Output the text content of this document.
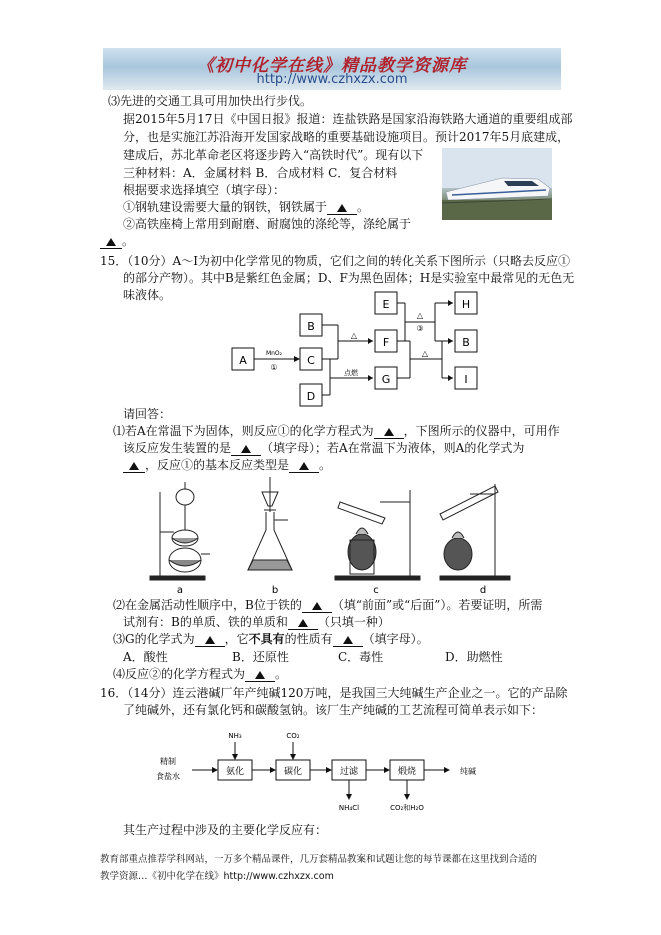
《初中化学在线》精品教学资源库
http://www.czhxzx.com
⑶先进的交通工具可用加快出行步伐。
据2015年5月17日《中国日报》报道：连盐铁路是国家沿海铁路大通道的重要组成部
分，也是实施江苏沿海开发国家战略的重要基础设施项目。预计2017年5月底建成，
建成后，苏北革命老区将逐步跨入“高铁时代”。现有以下
三种材料：A．金属材料 B．合成材料 C．复合材料
根据要求选择填空（填字母）：
①钢轨建设需要大量的钢铁，钢铁属于	。
②高铁座椅上常用到耐磨、耐腐蚀的涤纶等，涤纶属于
。
15．（10分）A～I为初中化学常见的物质，它们之间的转化关系下图所示（只略去反应①
的部分产物）。其中B是紫红色金属；D、F为黑色固体；H是实验室中最常见的无色无
味液体。
A
B
C
D
E
F
G
H
B
I
MnO₂
①
△
点燃
△
③
△
请回答：
⑴若A在常温下为固体，则反应①的化学方程式为	，下图所示的仪器中，可用作
该反应发生装置的是	（填字母）；若A在常温下为液体，则A的化学式为
，反应①的基本反应类型是	。
a	b	c	d
⑵在金属活动性顺序中，B位于铁的	（填“前面”或“后面”）。若要证明，所需
试剂有：B的单质、铁的单质和	（只填一种）
⑶G的化学式为	，它不具有的性质有	（填字母）。
A．酸性	B．还原性	C．毒性	D．助燃性
⑷反应②的化学方程式为	。
16．（14分）连云港碱厂年产纯碱120万吨，是我国三大纯碱生产企业之一。它的产品除
了纯碱外，还有氯化钙和碳酸氢钠。该厂生产纯碱的工艺流程可简单表示如下：
精制
食盐水
NH₃	CO₂
氨化	碳化	过滤	煅烧
NH₄Cl	CO₂和H₂O
纯碱
其生产过程中涉及的主要化学反应有：
教育部重点推荐学科网站，一万多个精品课件，几万套精品教案和试题让您的每节课都在这里找到合适的
教学资源…《初中化学在线》http://www.czhxzx.com
